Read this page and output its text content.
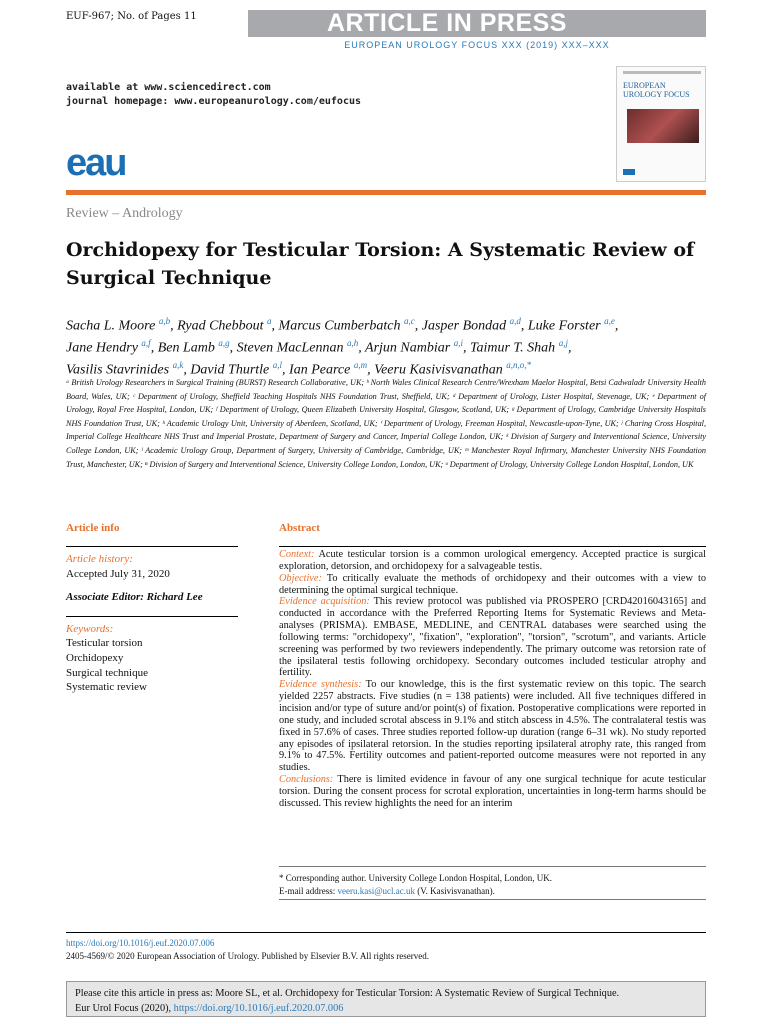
EUF-967; No. of Pages 11	ARTICLE IN PRESS
EUROPEAN UROLOGY FOCUS XXX (2019) XXX–XXX
available at www.sciencedirect.com
journal homepage: www.europeanurology.com/eufocus
eau
EUROPEAN
UROLOGY FOCUS
Review – Andrology
Orchidopexy for Testicular Torsion: A Systematic Review of Surgical Technique
Sacha L. Moore $^{a,b}$, Ryad Chebbout $^a$, Marcus Cumberbatch $^{a,c}$, Jasper Bondad $^{a,d}$, Luke Forster $^{a,e}$,
Jane Hendry $^{a,f}$, Ben Lamb $^{a,g}$, Steven MacLennan $^{a,h}$, Arjun Nambiar $^{a,i}$, Taimur T. Shah $^{a,j}$,
Vasilis Stavrinides $^{a,k}$, David Thurtle $^{a,l}$, Ian Pearce $^{a,m}$, Veeru Kasivisvanathan $^{a,n,o,*}$
ᵃ British Urology Researchers in Surgical Training (BURST) Research Collaborative, UK; ᵇ North Wales Clinical Research Centre/Wrexham Maelor Hospital, Betsi Cadwaladr University Health Board, Wales, UK; ᶜ Department of Urology, Sheffield Teaching Hospitals NHS Foundation Trust, Sheffield, UK; ᵈ Department of Urology, Lister Hospital, Stevenage, UK; ᵉ Department of Urology, Royal Free Hospital, London, UK; ᶠ Department of Urology, Queen Elizabeth University Hospital, Glasgow, Scotland, UK; ᵍ Department of Urology, Cambridge University Hospitals NHS Foundation Trust, UK; ʰ Academic Urology Unit, University of Aberdeen, Scotland, UK; ⁱ Department of Urology, Freeman Hospital, Newcastle-upon-Tyne, UK; ʲ Charing Cross Hospital, Imperial College Healthcare NHS Trust and Imperial Prostate, Department of Surgery and Cancer, Imperial College London, UK; ᵏ Division of Surgery and Interventional Science, University College London, UK; ˡ Academic Urology Group, Department of Surgery, University of Cambridge, Cambridge, UK; ᵐ Manchester Royal Infirmary, Manchester University NHS Foundation Trust, Manchester, UK; ⁿ Division of Surgery and Interventional Science, University College London, London, UK; ᵒ Department of Urology, University College London Hospital, London, UK
Article info	Abstract
Article history:
Accepted July 31, 2020
Associate Editor: Richard Lee
Keywords:
Testicular torsion
Orchidopexy
Surgical technique
Systematic review
Context: Acute testicular torsion is a common urological emergency. Accepted practice is surgical exploration, detorsion, and orchidopexy for a salvageable testis.
Objective: To critically evaluate the methods of orchidopexy and their outcomes with a view to determining the optimal surgical technique.
Evidence acquisition: This review protocol was published via PROSPERO [CRD42016043165] and conducted in accordance with the Preferred Reporting Items for Systematic Reviews and Meta-analyses (PRISMA). EMBASE, MEDLINE, and CENTRAL databases were searched using the following terms: "orchidopexy", "fixation", "exploration", "torsion", "scrotum", and variants. Article screening was performed by two reviewers independently. The primary outcome was retorsion rate of the ipsilateral testis following orchidopexy. Secondary outcomes included testicular atrophy and fertility.
Evidence synthesis: To our knowledge, this is the first systematic review on this topic. The search yielded 2257 abstracts. Five studies (n = 138 patients) were included. All five techniques differed in incision and/or type of suture and/or point(s) of fixation. Postoperative complications were reported in one study, and included scrotal abscess in 9.1% and stitch abscess in 4.5%. The contralateral testis was fixed in 57.6% of cases. Three studies reported follow-up duration (range 6–31 wk). No study reported any episodes of ipsilateral retorsion. In the studies reporting ipsilateral atrophy rate, this ranged from 9.1% to 47.5%. Fertility outcomes and patient-reported outcome measures were not reported in any studies.
Conclusions: There is limited evidence in favour of any one surgical technique for acute testicular torsion. During the consent process for scrotal exploration, uncertainties in long-term harms should be discussed. This review highlights the need for an interim
* Corresponding author. University College London Hospital, London, UK.
E-mail address: veeru.kasi@ucl.ac.uk (V. Kasivisvanathan).
https://doi.org/10.1016/j.euf.2020.07.006
2405-4569/© 2020 European Association of Urology. Published by Elsevier B.V. All rights reserved.
Please cite this article in press as: Moore SL, et al. Orchidopexy for Testicular Torsion: A Systematic Review of Surgical Technique.
Eur Urol Focus (2020), https://doi.org/10.1016/j.euf.2020.07.006
